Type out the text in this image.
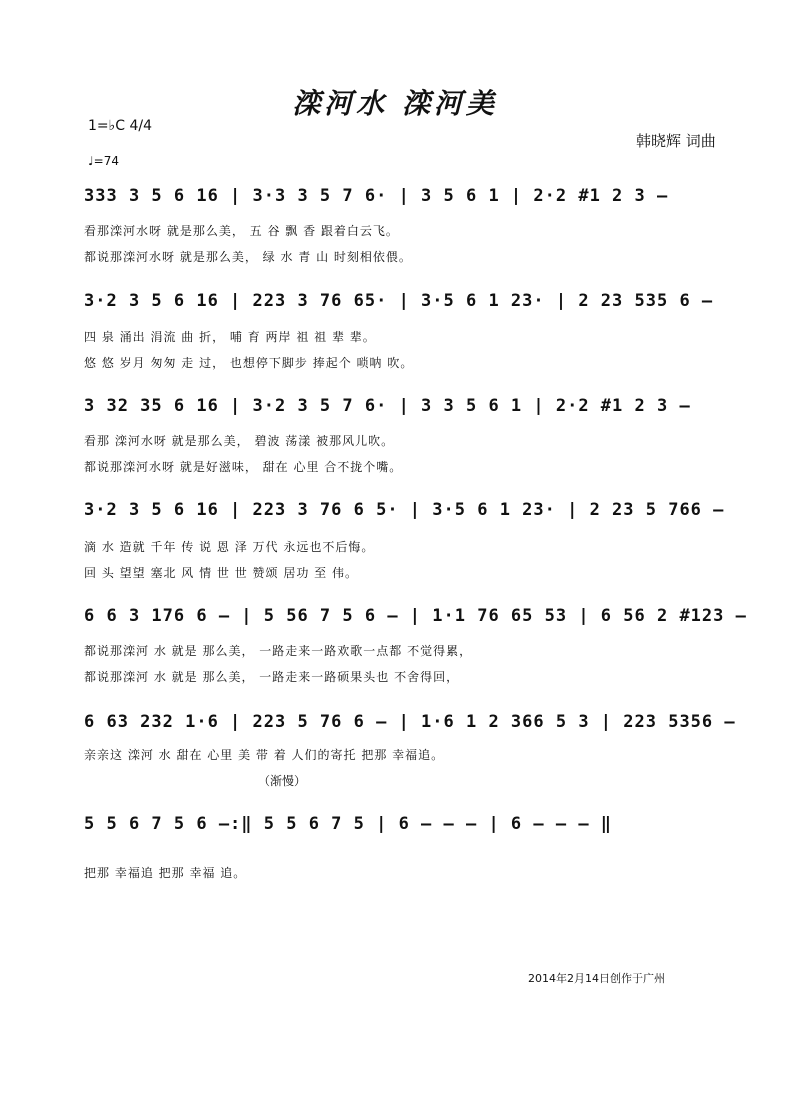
滦河水 滦河美
1=♭C 4/4
♩=74
韩晓辉 词曲
333 3 5 6 16 | 3·3 3 5 7 6· | 3 5 6 1 | 2·2 #1 2 3 –
看那滦河水呀 就是那么美， 五 谷 飘 香 跟着白云飞。
都说那滦河水呀 就是那么美， 绿 水 青 山 时刻相依偎。
3·2 3 5 6 16 | 223 3 76 65· | 3·5 6 1 23· | 2 23 535 6 –
四 泉 涌出 涓流 曲 折， 哺 育 两岸 祖 祖 辈 辈。
悠 悠 岁月 匆匆 走 过， 也想停下脚步 捧起个 唢呐 吹。
3 32 35 6 16 | 3·2 3 5 7 6· | 3 3 5 6 1 | 2·2 #1 2 3 –
看那 滦河水呀 就是那么美， 碧波 荡漾 被那风儿吹。
都说那滦河水呀 就是好滋味， 甜在 心里 合不拢个嘴。
3·2 3 5 6 16 | 223 3 76 6 5· | 3·5 6 1 23· | 2 23 5 766 –
滴 水 造就 千年 传 说 恩 泽 万代 永远也不后悔。
回 头 望望 塞北 风 情 世 世 赞颂 居功 至 伟。
6 6 3 176 6 – | 5 56 7 5 6 – | 1·1 76 65 53 | 6 56 2 #123 –
都说那滦河 水 就是 那么美， 一路走来一路欢歌一点都 不觉得累，
都说那滦河 水 就是 那么美， 一路走来一路硕果头也 不舍得回，
6 63 232 1·6 | 223 5 76 6 – | 1·6 1 2 366 5 3 | 223 5356 –
亲亲这 滦河 水 甜在 心里 美 带 着 人们的寄托 把那 幸福追。
（渐慢）
5 5 6 7 5 6 –:‖ 5 5 6 7 5 | 6 – – – | 6 – – – ‖
把那 幸福追 把那 幸福 追。
2014年2月14日创作于广州
